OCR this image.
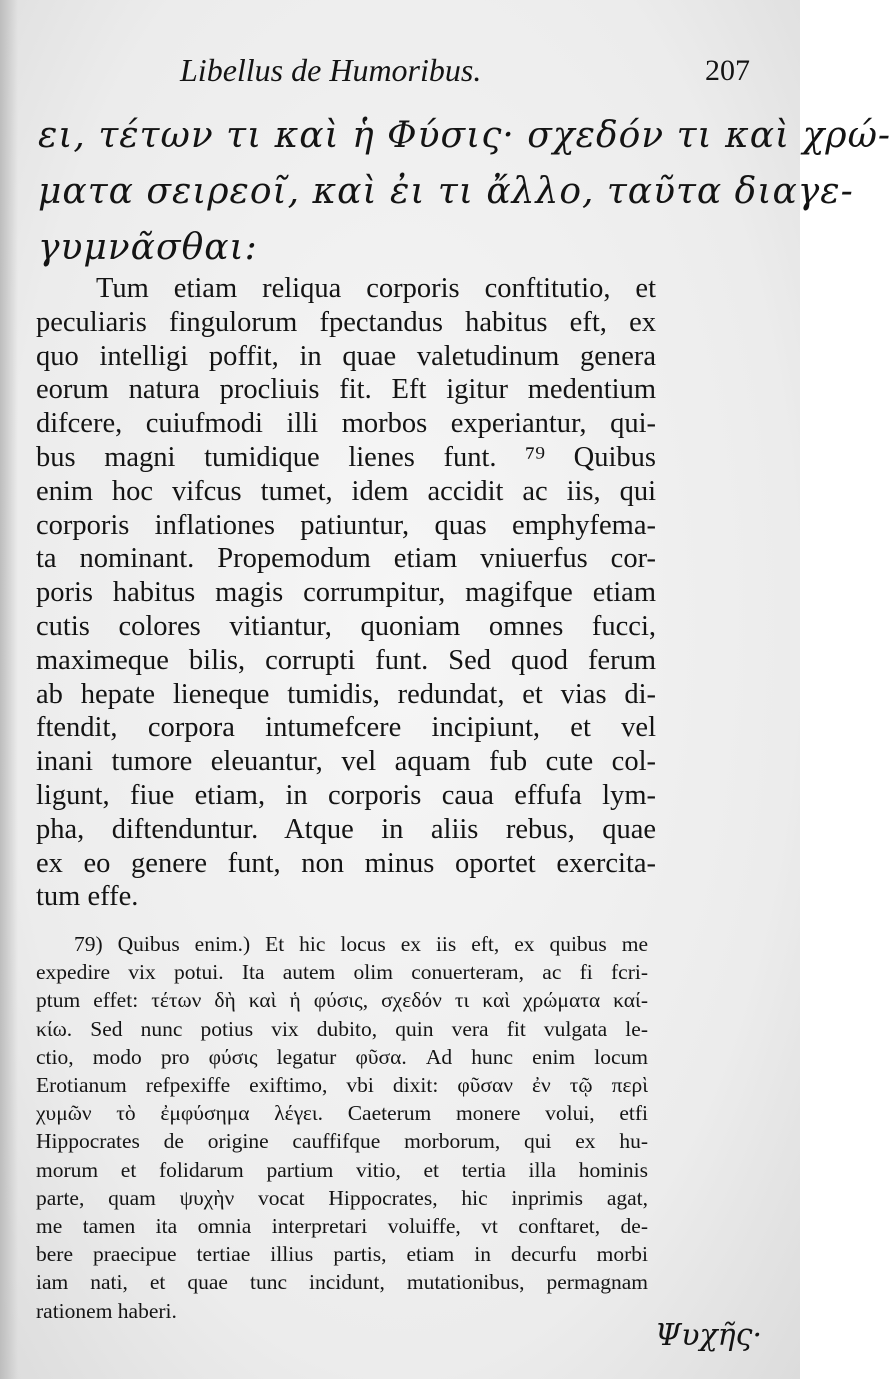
Libellus de Humoribus.	207
ει, τέτων τι καὶ ἡ Φύσις· σχεδόν τι καὶ χρώ-
ματα σειρεοῖ, καὶ ἐι τι ἄλλο, ταῦτα διαγε-
γυμνᾶσθαι:
Tum etiam reliqua corporis conftitutio, et
peculiaris fingulorum fpectandus habitus eft, ex
quo intelligi poffit, in quae valetudinum genera
eorum natura procliuis fit. Eft igitur medentium
difcere, cuiufmodi illi morbos experiantur, qui-
bus magni tumidique lienes funt. ⁷⁹ Quibus
enim hoc vifcus tumet, idem accidit ac iis, qui
corporis inflationes patiuntur, quas emphyfema-
ta nominant. Propemodum etiam vniuerfus cor-
poris habitus magis corrumpitur, magifque etiam
cutis colores vitiantur, quoniam omnes fucci,
maximeque bilis, corrupti funt. Sed quod ferum
ab hepate lieneque tumidis, redundat, et vias di-
ftendit, corpora intumefcere incipiunt, et vel
inani tumore eleuantur, vel aquam fub cute col-
ligunt, fiue etiam, in corporis caua effufa lym-
pha, diftenduntur. Atque in aliis rebus, quae
ex eo genere funt, non minus oportet exercita-
tum effe.
79) Quibus enim.) Et hic locus ex iis eft, ex quibus me
expedire vix potui. Ita autem olim conuerteram, ac fi fcri-
ptum effet: τέτων δὴ καὶ ἡ φύσις, σχεδόν τι καὶ χρώματα καί-
κίω. Sed nunc potius vix dubito, quin vera fit vulgata le-
ctio, modo pro φύσις legatur φῦσα. Ad hunc enim locum
Erotianum refpexiffe exiftimo, vbi dixit: φῦσαν ἐν τῷ περὶ
χυμῶν τὸ ἐμφύσημα λέγει. Caeterum monere volui, etfi
Hippocrates de origine cauffifque morborum, qui ex hu-
morum et folidarum partium vitio, et tertia illa hominis
parte, quam ψυχὴν vocat Hippocrates, hic inprimis agat,
me tamen ita omnia interpretari voluiffe, vt conftaret, de-
bere praecipue tertiae illius partis, etiam in decurfu morbi
iam nati, et quae tunc incidunt, mutationibus, permagnam
rationem haberi.
Ψυχῆς·
